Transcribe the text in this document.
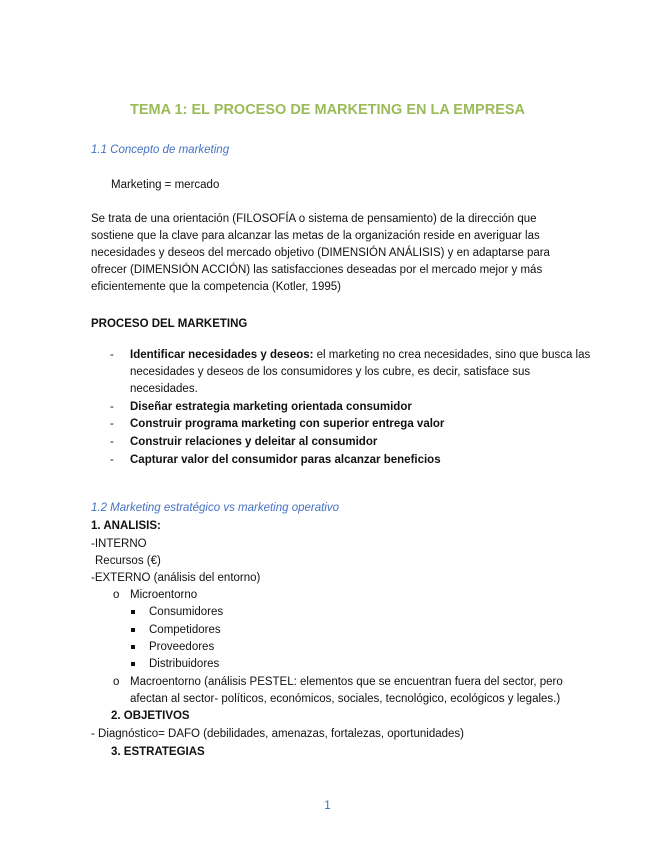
TEMA 1: EL PROCESO DE MARKETING EN LA EMPRESA
1.1 Concepto de marketing
Marketing = mercado
Se trata de una orientación (FILOSOFÍA o sistema de pensamiento) de la dirección que
sostiene que la clave para alcanzar las metas de la organización reside en averiguar las
necesidades y deseos del mercado objetivo (DIMENSIÓN ANÁLISIS) y en adaptarse para
ofrecer (DIMENSIÓN ACCIÓN) las satisfacciones deseadas por el mercado mejor y más
eficientemente que la competencia (Kotler, 1995)
PROCESO DEL MARKETING
- Identificar necesidades y deseos: el marketing no crea necesidades, sino que busca las
necesidades y deseos de los consumidores y los cubre, es decir, satisface sus
necesidades.
- Diseñar estrategia marketing orientada consumidor
- Construir programa marketing con superior entrega valor
- Construir relaciones y deleitar al consumidor
- Capturar valor del consumidor paras alcanzar beneficios
1.2 Marketing estratégico vs marketing operativo
1. ANALISIS:
-INTERNO
Recursos (€)
-EXTERNO (análisis del entorno)
o Microentorno
Consumidores
Competidores
Proveedores
Distribuidores
o Macroentorno (análisis PESTEL: elementos que se encuentran fuera del sector, pero
afectan al sector- políticos, económicos, sociales, tecnológico, ecológicos y legales.)
2. OBJETIVOS
- Diagnóstico= DAFO (debilidades, amenazas, fortalezas, oportunidades)
3. ESTRATEGIAS
1
